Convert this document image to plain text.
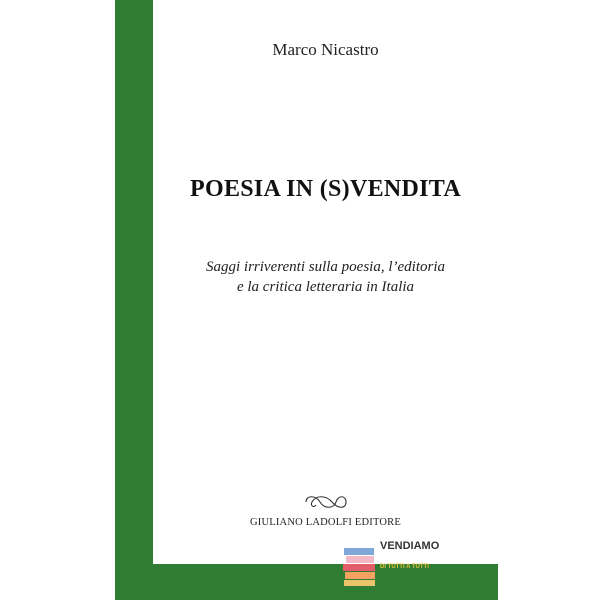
Marco Nicastro
POESIA IN (S)VENDITA
Saggi irriverenti sulla poesia, l’editoria
e la critica letteraria in Italia
GIULIANO LADOLFI EDITORE
VENDIAMO
LIBRI
DI TUTTI A TUTTI
